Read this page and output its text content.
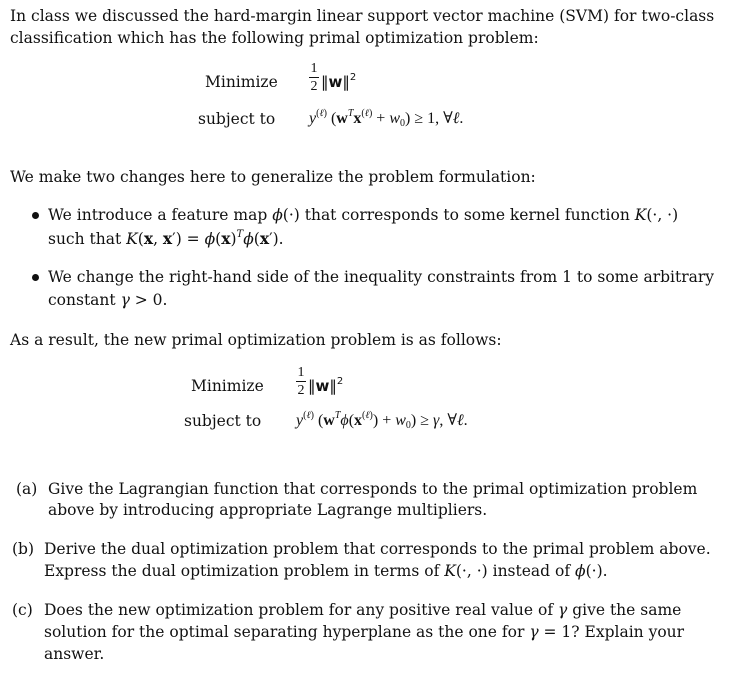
In class we discussed the hard-margin linear support vector machine (SVM) for two-class
classification which has the following primal optimization problem:
Minimize
1
2 ‖w‖$^2$
subject to $y^{(\ell)}$ $(w^Tx^{(\ell)} + w_0) \ge 1$, ∀ℓ.
We make two changes here to generalize the problem formulation:
We introduce a feature map ϕ(·) that corresponds to some kernel function K(·, ·)
such that K(x, $x') = \phi(x)^T\phi(x')$.
We change the right-hand side of the inequality constraints from 1 to some arbitrary
constant γ > 0.
As a result, the new primal optimization problem is as follows:
Minimize
1
2 ‖w‖$^2$
subject to $y^{(\ell)}$ $(w^T\phi(x^{(\ell)}) + w_0) \ge \gamma$, ∀ℓ.
(a) Give the Lagrangian function that corresponds to the primal optimization problem
above by introducing appropriate Lagrange multipliers.
(b) Derive the dual optimization problem that corresponds to the primal problem above.
Express the dual optimization problem in terms of K(·, ·) instead of ϕ(·).
(c) Does the new optimization problem for any positive real value of γ give the same
solution for the optimal separating hyperplane as the one for γ = 1? Explain your
answer.
